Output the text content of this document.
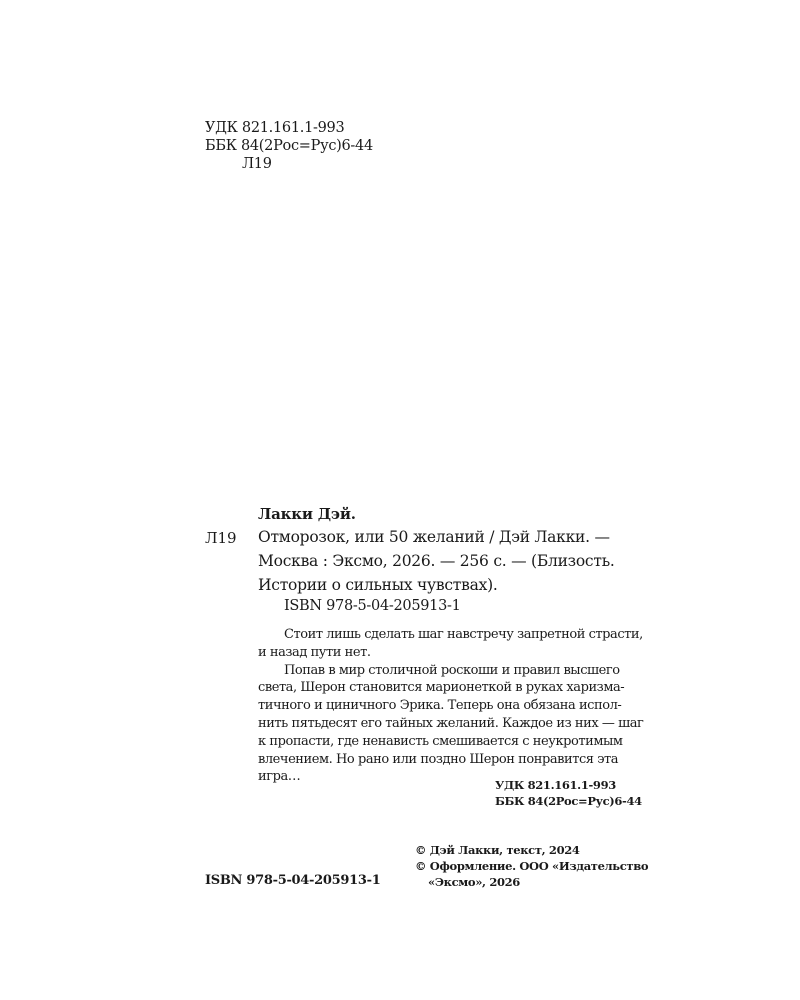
УДК 821.161.1-993
ББК 84(2Рос=Рус)6-44
Л19
Лакки Дэй.
Л19 Отморозок, или 50 желаний / Дэй Лакки. —
Москва : Эксмо, 2026. — 256 с. — (Близость.
Истории о сильных чувствах).
ISBN 978-5-04-205913-1
Стоит лишь сделать шаг навстречу запретной страсти,
и назад пути нет.
Попав в мир столичной роскоши и правил высшего
света, Шерон становится марионеткой в руках харизма-
тичного и циничного Эрика. Теперь она обязана испол-
нить пятьдесят его тайных желаний. Каждое из них — шаг
к пропасти, где ненависть смешивается с неукротимым
влечением. Но рано или поздно Шерон понравится эта
игра…
УДК 821.161.1-993
ББК 84(2Рос=Рус)6-44
© Дэй Лакки, текст, 2024
© Оформление. ООО «Издательство
«Эксмо», 2026
ISBN 978-5-04-205913-1
